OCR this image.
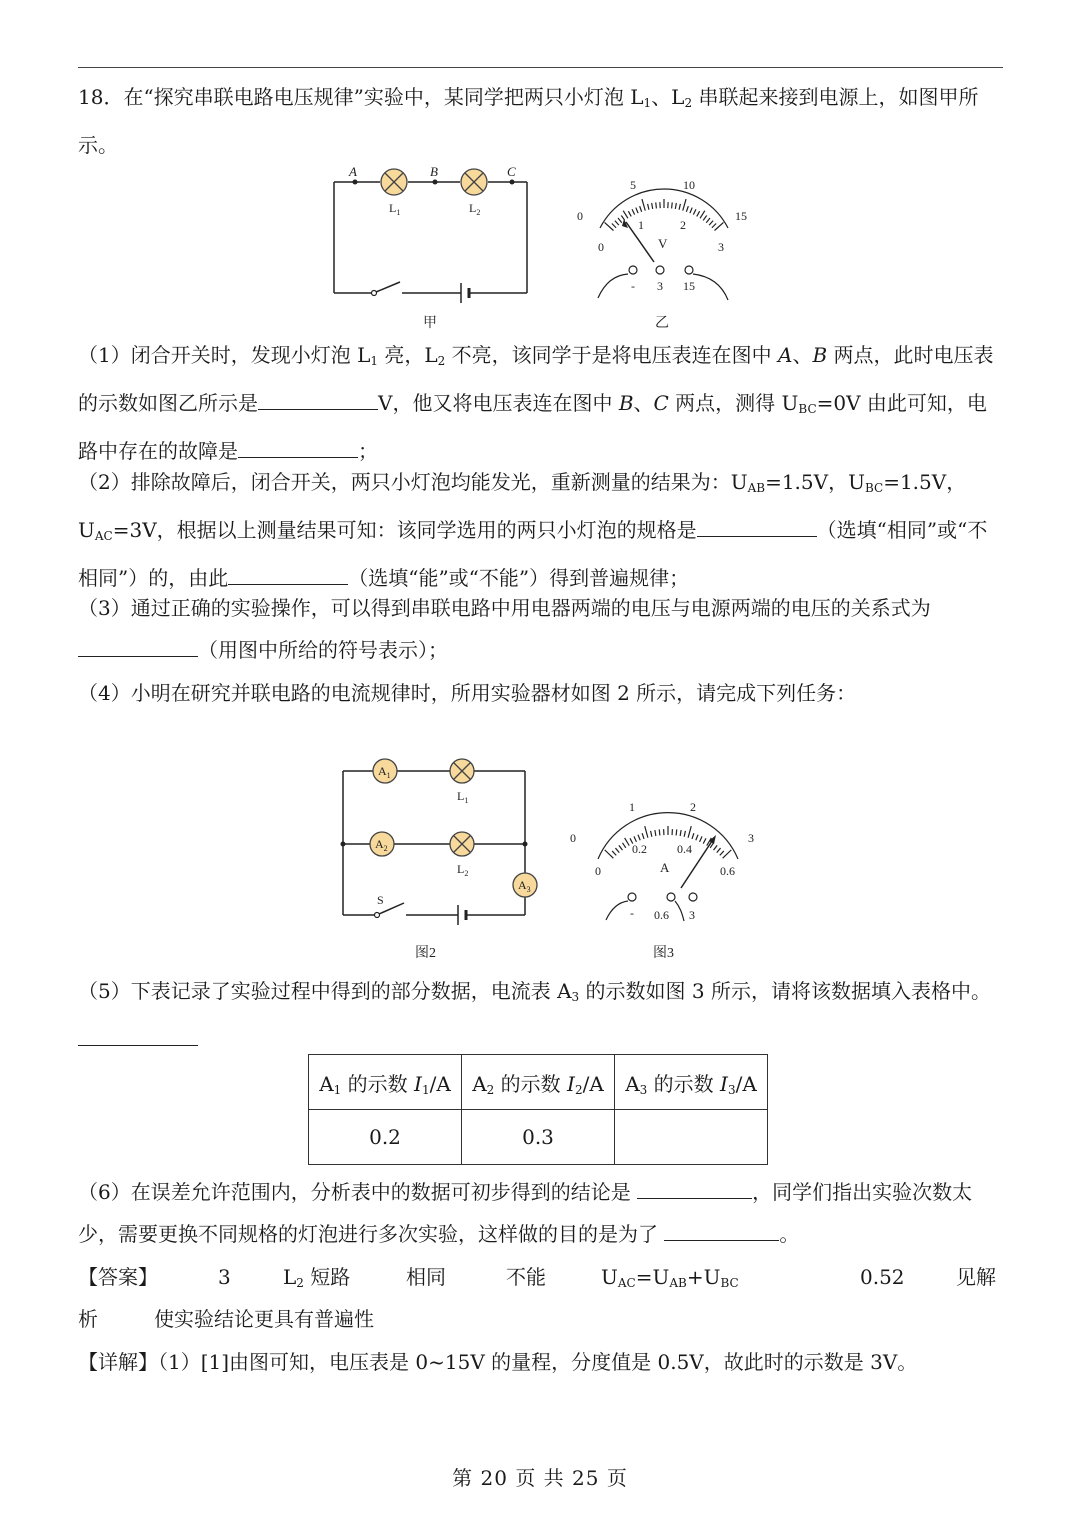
18．在“探究串联电路电压规律”实验中，某同学把两只小灯泡 $L_1$、$L_2$ 串联起来接到电源上，如图甲所示。

A	B	C
$L_1$	$L_2$
甲
0
5	10
15
0
1	2
3
V
- 3 15
乙

（1）闭合开关时，发现小灯泡 $L_1$ 亮，$L_2$ 不亮，该同学于是将电压表连在图中 A、B 两点，此时电压表的示数如图乙所示是	V，他又将电压表连在图中 B、C 两点，测得 $U_{BC}=0V$ 由此可知，电路中存在的故障是	；

（2）排除故障后，闭合开关，两只小灯泡均能发光，重新测量的结果为：$U_{AB}=1.5V$，$U_{BC}=1.5V$，$U_{AC}=3V$，根据以上测量结果可知：该同学选用的两只小灯泡的规格是	（选填“相同”或“不相同”）的，由此	（选填“能”或“不能”）得到普遍规律；

（3）通过正确的实验操作，可以得到串联电路中用电器两端的电压与电源两端的电压的关系式为（用图中所给的符号表示）；

（4）小明在研究并联电路的电流规律时，所用实验器材如图 2 所示，请完成下列任务：

$A_1$
$A_2$
$A_3$
$L_1$
$L_2$
S
图2
0
1	2
3
0
0.2	0.4
0.6
A
- 0.6 3
图3

（5）下表记录了实验过程中得到的部分数据，电流表 $A_3$ 的示数如图 3 所示，请将该数据填入表格中。

$A_1$ 的示数 $I_1/A$	$A_2$ 的示数 $I_2/A$	$A_3$ 的示数 $I_3/A$
0.2	0.3	

（6）在误差允许范围内，分析表中的数据可初步得到的结论是	，同学们指出实验次数太少，需要更换不同规格的灯泡进行多次实验，这样做的目的是为了	。

【答案】	3	$L_2$ 短路	相同	不能	$U_{AC}=U_{AB}+U_{BC}$	0.52	见解
析	使实验结论更具有普遍性

【详解】（1）[1]由图可知，电压表是 0~15V 的量程，分度值是 0.5V，故此时的示数是 3V。

第 20 页 共 25 页
